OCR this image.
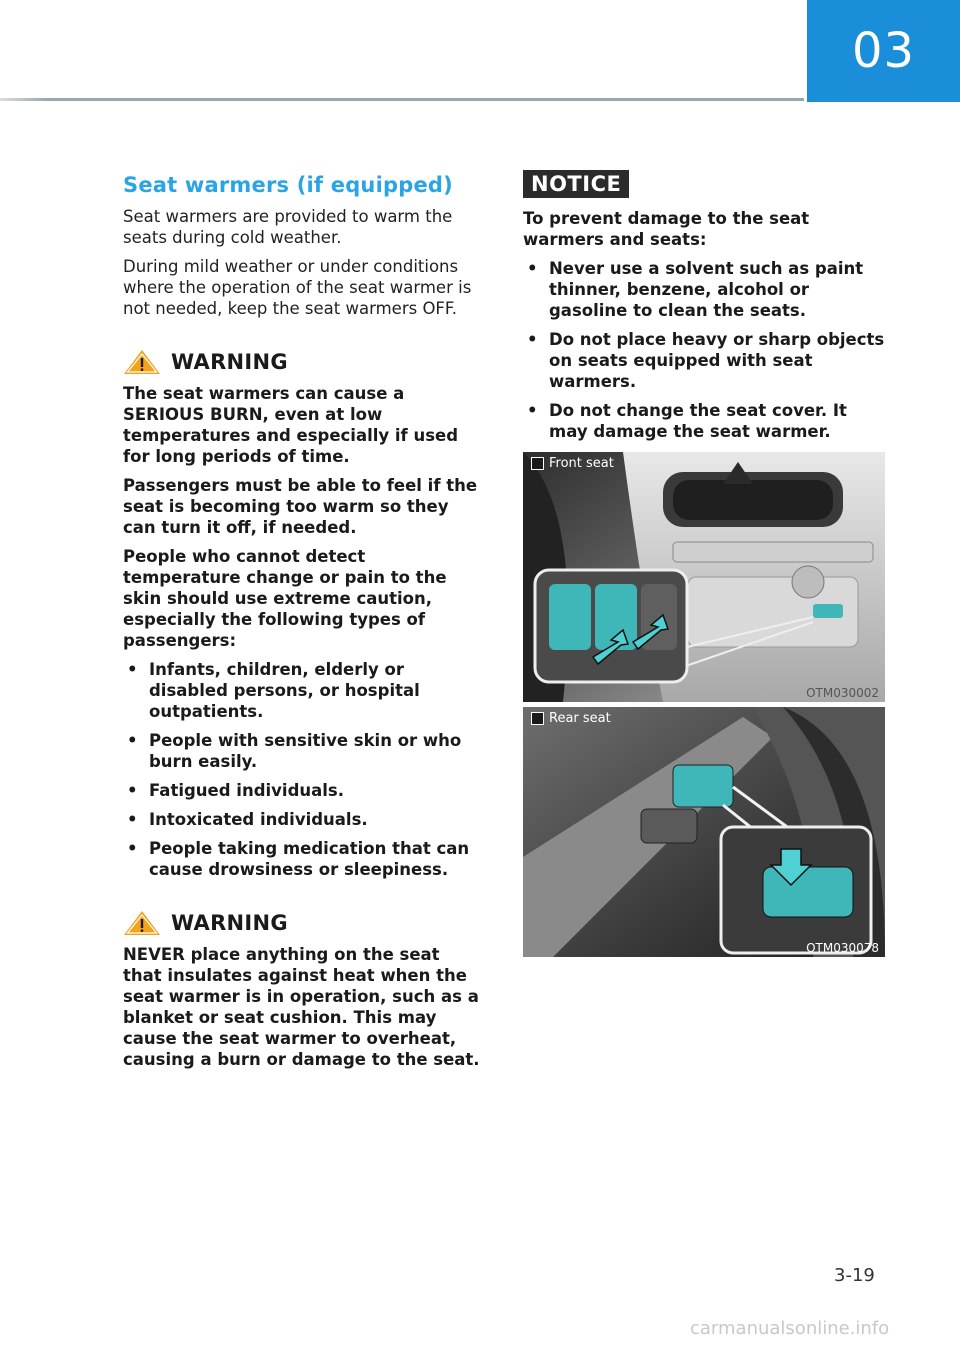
03
Seat warmers (if equipped)

Seat warmers are provided to warm the seats during cold weather.

During mild weather or under conditions where the operation of the seat warmer is not needed, keep the seat warmers OFF.

WARNING

The seat warmers can cause a SERIOUS BURN, even at low temperatures and especially if used for long periods of time.

Passengers must be able to feel if the seat is becoming too warm so they can turn it off, if needed.

People who cannot detect temperature change or pain to the skin should use extreme caution, especially the following types of passengers:

• Infants, children, elderly or disabled persons, or hospital outpatients.
• People with sensitive skin or who burn easily.
• Fatigued individuals.
• Intoxicated individuals.
• People taking medication that can cause drowsiness or sleepiness.
WARNING

NEVER place anything on the seat that insulates against heat when the seat warmer is in operation, such as a blanket or seat cushion. This may cause the seat warmer to overheat, causing a burn or damage to the seat.

NOTICE

To prevent damage to the seat warmers and seats:

• Never use a solvent such as paint thinner, benzene, alcohol or gasoline to clean the seats.
• Do not place heavy or sharp objects on seats equipped with seat warmers.
• Do not change the seat cover. It may damage the seat warmer.
Front seat
OTM030002
Rear seat
OTM030078
3-19
carmanualsonline.info
